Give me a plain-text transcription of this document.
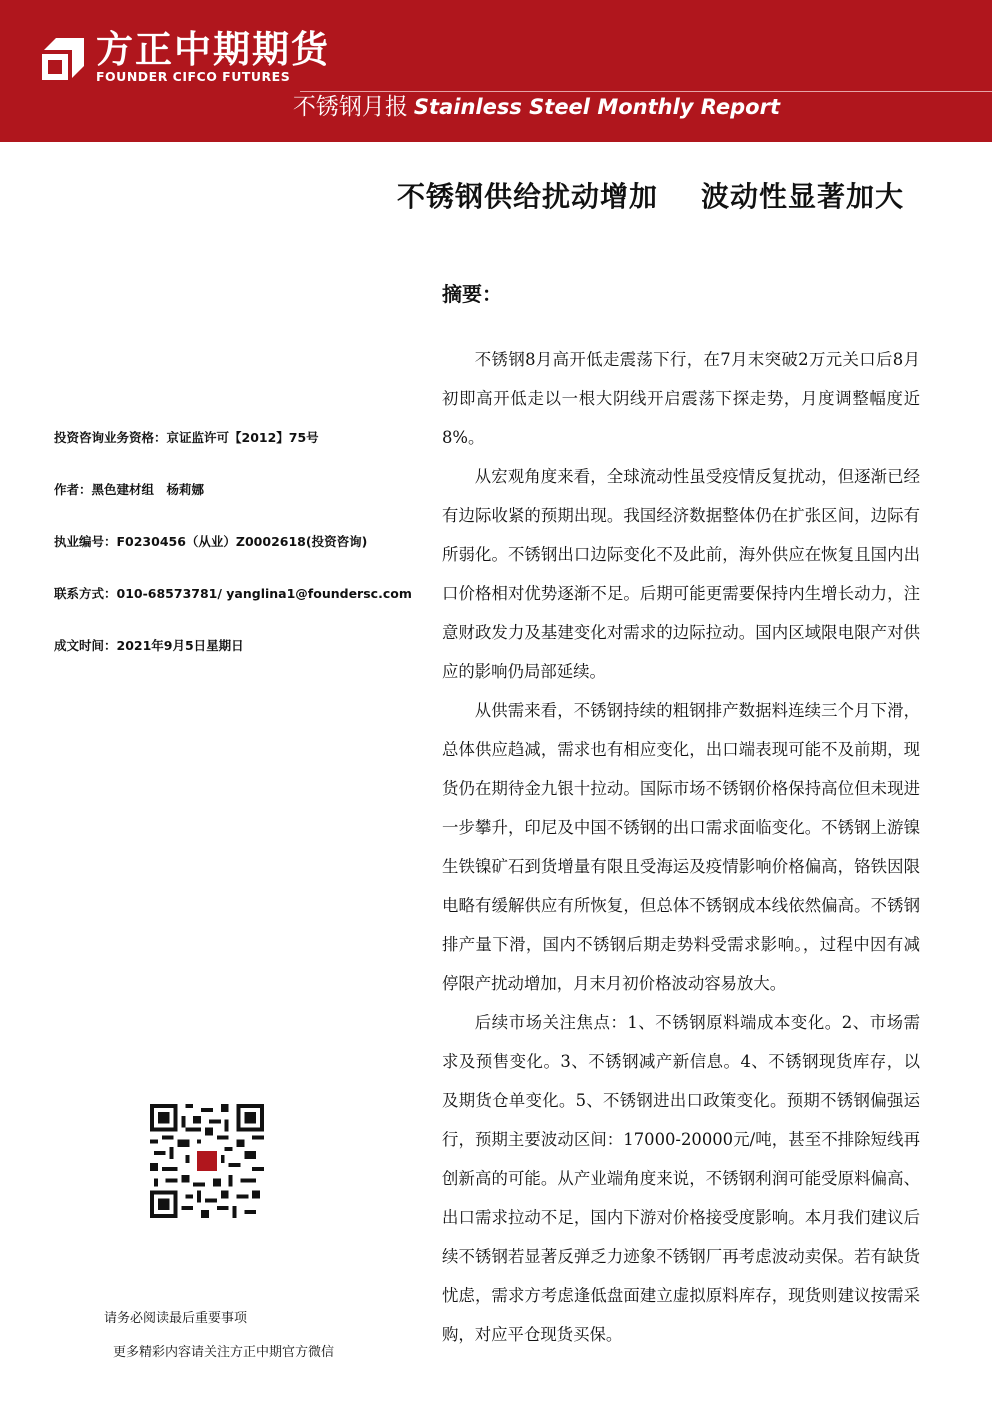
方正中期期货
FOUNDER CIFCO FUTURES
不锈钢月报 Stainless Steel Monthly Report
不锈钢供给扰动增加    波动性显著加大
摘要：

不锈钢8月高开低走震荡下行，在7月末突破2万元关口后8月初即高开低走以一根大阴线开启震荡下探走势，月度调整幅度近8%。

从宏观角度来看，全球流动性虽受疫情反复扰动，但逐渐已经有边际收紧的预期出现。我国经济数据整体仍在扩张区间，边际有所弱化。不锈钢出口边际变化不及此前，海外供应在恢复且国内出口价格相对优势逐渐不足。后期可能更需要保持内生增长动力，注意财政发力及基建变化对需求的边际拉动。国内区域限电限产对供应的影响仍局部延续。

从供需来看，不锈钢持续的粗钢排产数据料连续三个月下滑，总体供应趋减，需求也有相应变化，出口端表现可能不及前期，现货仍在期待金九银十拉动。国际市场不锈钢价格保持高位但未现进一步攀升，印尼及中国不锈钢的出口需求面临变化。不锈钢上游镍生铁镍矿石到货增量有限且受海运及疫情影响价格偏高，铬铁因限电略有缓解供应有所恢复，但总体不锈钢成本线依然偏高。不锈钢排产量下滑，国内不锈钢后期走势料受需求影响。，过程中因有减停限产扰动增加，月末月初价格波动容易放大。

后续市场关注焦点：1、不锈钢原料端成本变化。2、市场需求及预售变化。3、不锈钢减产新信息。4、不锈钢现货库存，以及期货仓单变化。5、不锈钢进出口政策变化。预期不锈钢偏强运行，预期主要波动区间：17000-20000元/吨，甚至不排除短线再创新高的可能。从产业端角度来说，不锈钢利润可能受原料偏高、出口需求拉动不足，国内下游对价格接受度影响。本月我们建议后续不锈钢若显著反弹乏力迹象不锈钢厂再考虑波动卖保。若有缺货忧虑，需求方考虑逢低盘面建立虚拟原料库存，现货则建议按需采购，对应平仓现货买保。

投资咨询业务资格：京证监许可【2012】75号
作者：黑色建材组　杨莉娜
执业编号：F0230456（从业）Z0002618(投资咨询)
联系方式：010-68573781/ yanglina1@foundersc.com
成文时间：2021年9月5日星期日
请务必阅读最后重要事项
更多精彩内容请关注方正中期官方微信
